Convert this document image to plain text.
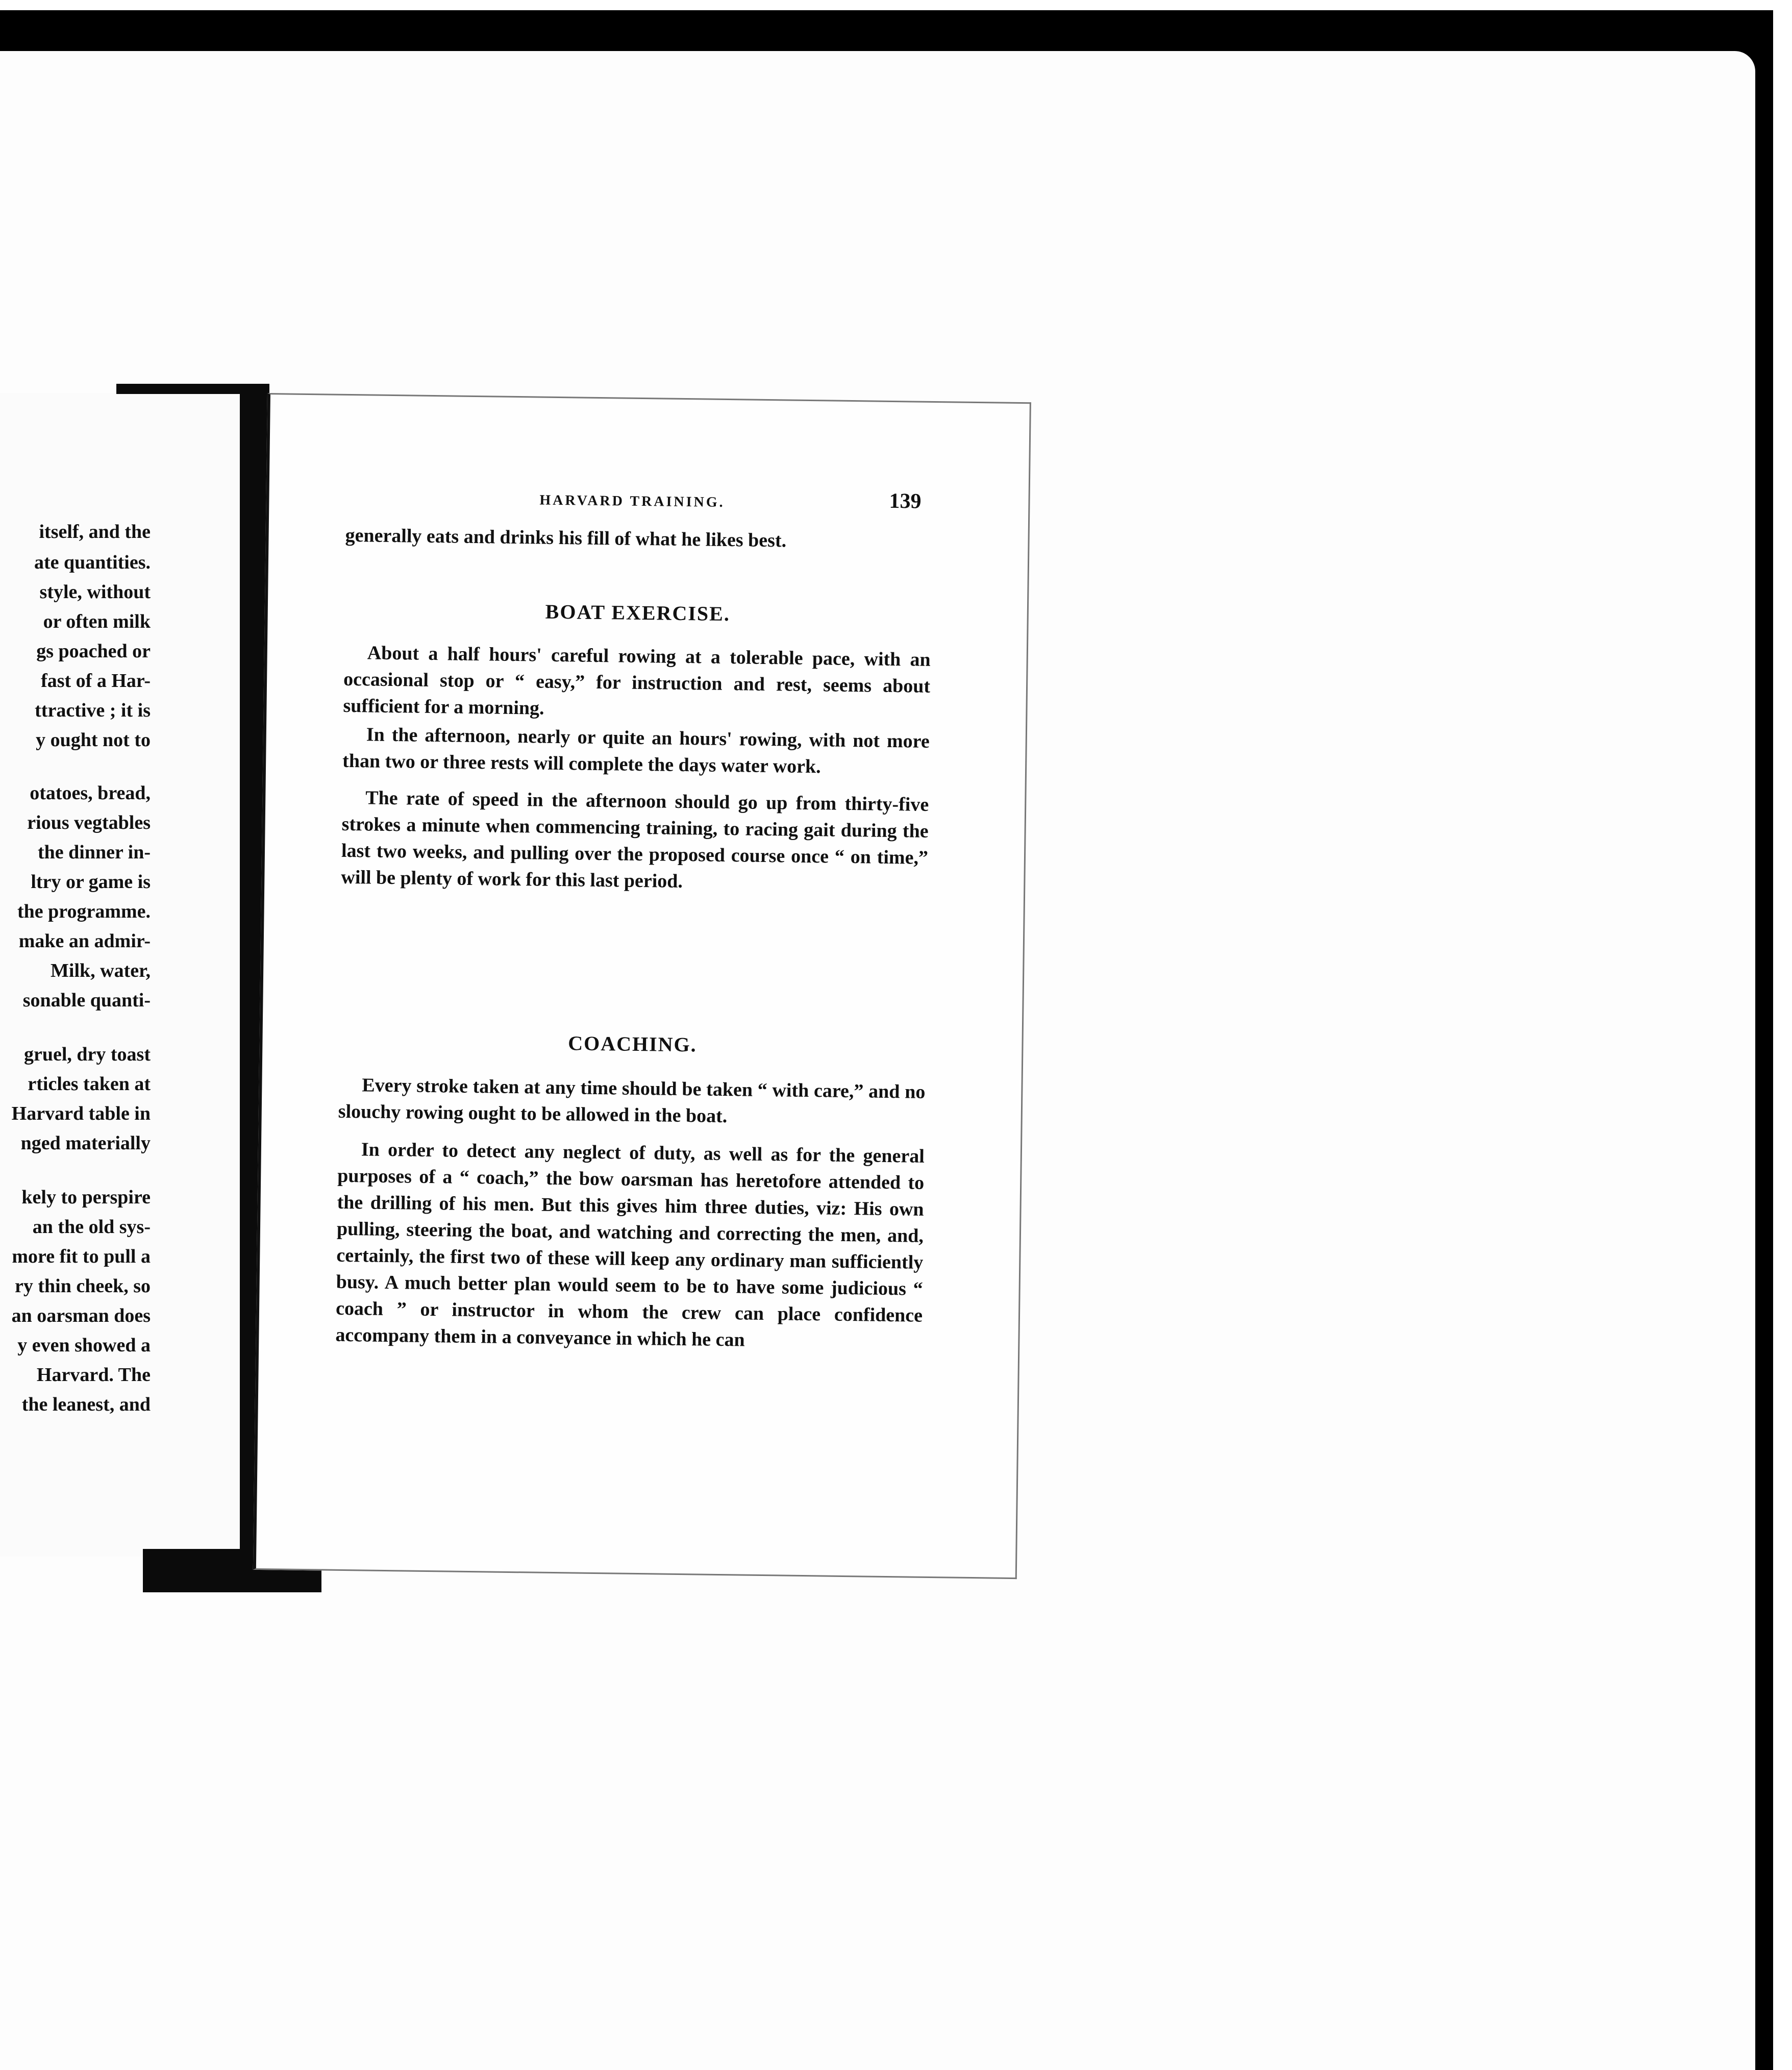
itself, and the
ate quantities.
style, without
or often milk
gs poached or
fast of a Har-
ttractive ; it is
y ought not to
otatoes, bread,
rious vegtables
the dinner in-
ltry or game is
the programme.
make an admir-
Milk, water,
sonable quanti-
gruel, dry toast
rticles taken at
Harvard table in
nged materially
kely to perspire
an the old sys-
more fit to pull a
ry thin cheek, so
an oarsman does
y even showed a
Harvard. The
the leanest, and
HARVARD TRAINING.	139

generally eats and drinks his fill of what he likes best.

BOAT EXERCISE.

About a half hours' careful rowing at a tolerable pace, with an occasional stop or “ easy,” for instruction and rest, seems about sufficient for a morning.

In the afternoon, nearly or quite an hours' rowing, with not more than two or three rests will complete the days water work.

The rate of speed in the afternoon should go up from thirty-five strokes a minute when commencing training, to racing gait during the last two weeks, and pulling over the proposed course once “ on time,” will be plenty of work for this last period.

COACHING.

Every stroke taken at any time should be taken “ with care,” and no slouchy rowing ought to be allowed in the boat.

In order to detect any neglect of duty, as well as for the general purposes of a “ coach,” the bow oarsman has heretofore attended to the drilling of his men. But this gives him three duties, viz: His own pulling, steering the boat, and watching and correcting the men, and, certainly, the first two of these will keep any ordinary man sufficiently busy. A much better plan would seem to be to have some judicious “ coach ” or instructor in whom the crew can place confidence accompany them in a conveyance in which he can
